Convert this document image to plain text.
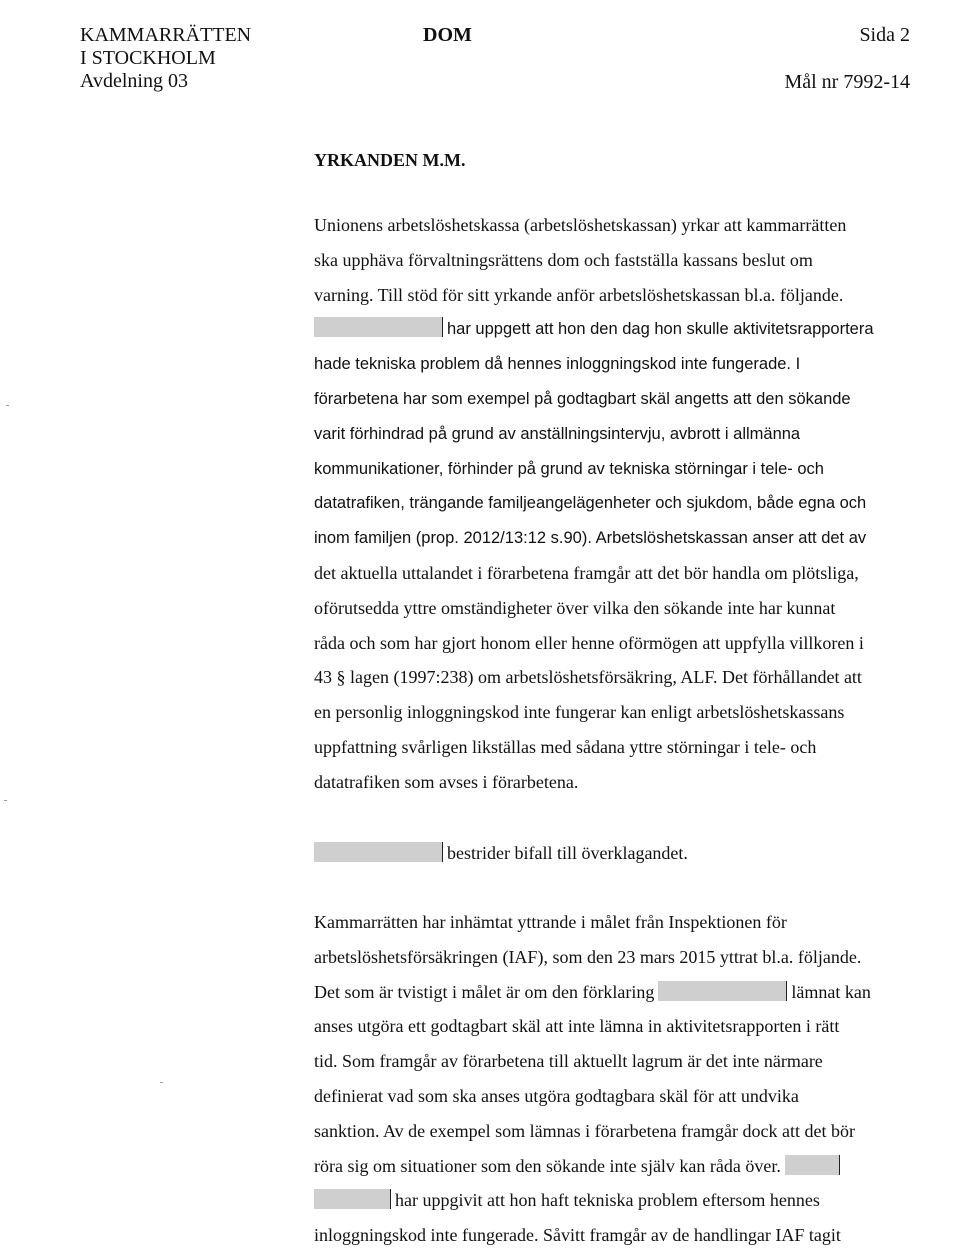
KAMMARRÄTTEN
I STOCKHOLM
Avdelning 03
DOM	Sida 2
Mål nr 7992-14
YRKANDEN M.M.
Unionens arbetslöshetskassa (arbetslöshetskassan) yrkar att kammarrätten
ska upphäva förvaltningsrättens dom och fastställa kassans beslut om
varning. Till stöd för sitt yrkande anför arbetslöshetskassan bl.a. följande.
har uppgett att hon den dag hon skulle aktivitetsrapportera
hade tekniska problem då hennes inloggningskod inte fungerade. I
förarbetena har som exempel på godtagbart skäl angetts att den sökande
varit förhindrad på grund av anställningsintervju, avbrott i allmänna
kommunikationer, förhinder på grund av tekniska störningar i tele- och
datatrafiken, trängande familjeangelägenheter och sjukdom, både egna och
inom familjen (prop. 2012/13:12 s.90). Arbetslöshetskassan anser att det av
det aktuella uttalandet i förarbetena framgår att det bör handla om plötsliga,
oförutsedda yttre omständigheter över vilka den sökande inte har kunnat
råda och som har gjort honom eller henne oförmögen att uppfylla villkoren i
43 § lagen (1997:238) om arbetslöshetsförsäkring, ALF. Det förhållandet att
en personlig inloggningskod inte fungerar kan enligt arbetslöshetskassans
uppfattning svårligen likställas med sådana yttre störningar i tele- och
datatrafiken som avses i förarbetena.
bestrider bifall till överklagandet.
Kammarrätten har inhämtat yttrande i målet från Inspektionen för
arbetslöshetsförsäkringen (IAF), som den 23 mars 2015 yttrat bl.a. följande.
Det som är tvistigt i målet är om den förklaring	lämnat kan
anses utgöra ett godtagbart skäl att inte lämna in aktivitetsrapporten i rätt
tid. Som framgår av förarbetena till aktuellt lagrum är det inte närmare
definierat vad som ska anses utgöra godtagbara skäl för att undvika
sanktion. Av de exempel som lämnas i förarbetena framgår dock att det bör
röra sig om situationer som den sökande inte själv kan råda över.
har uppgivit att hon haft tekniska problem eftersom hennes
inloggningskod inte fungerade. Såvitt framgår av de handlingar IAF tagit
